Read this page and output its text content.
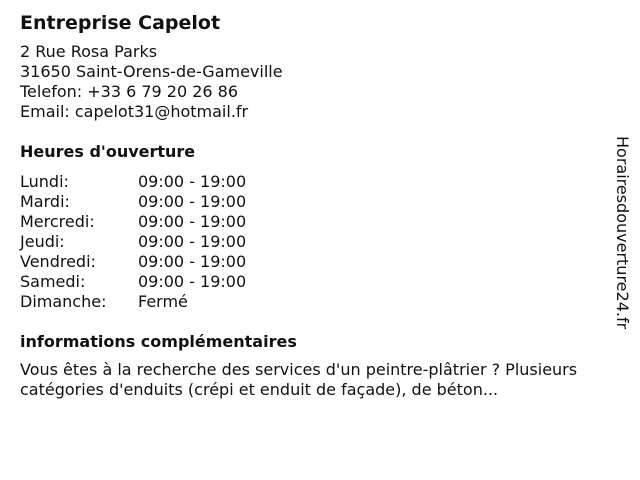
Entreprise Capelot
2 Rue Rosa Parks
31650 Saint-Orens-de-Gameville
Telefon: +33 6 79 20 26 86
Email: capelot31@hotmail.fr
Heures d'ouverture
Lundi:	09:00 - 19:00
Mardi:	09:00 - 19:00
Mercredi:	09:00 - 19:00
Jeudi:	09:00 - 19:00
Vendredi:	09:00 - 19:00
Samedi:	09:00 - 19:00
Dimanche:	Fermé
informations complémentaires
Vous êtes à la recherche des services d'un peintre-plâtrier ? Plusieurs catégories d'enduits (crépi et enduit de façade), de béton...
Horairesdouverture24.fr
